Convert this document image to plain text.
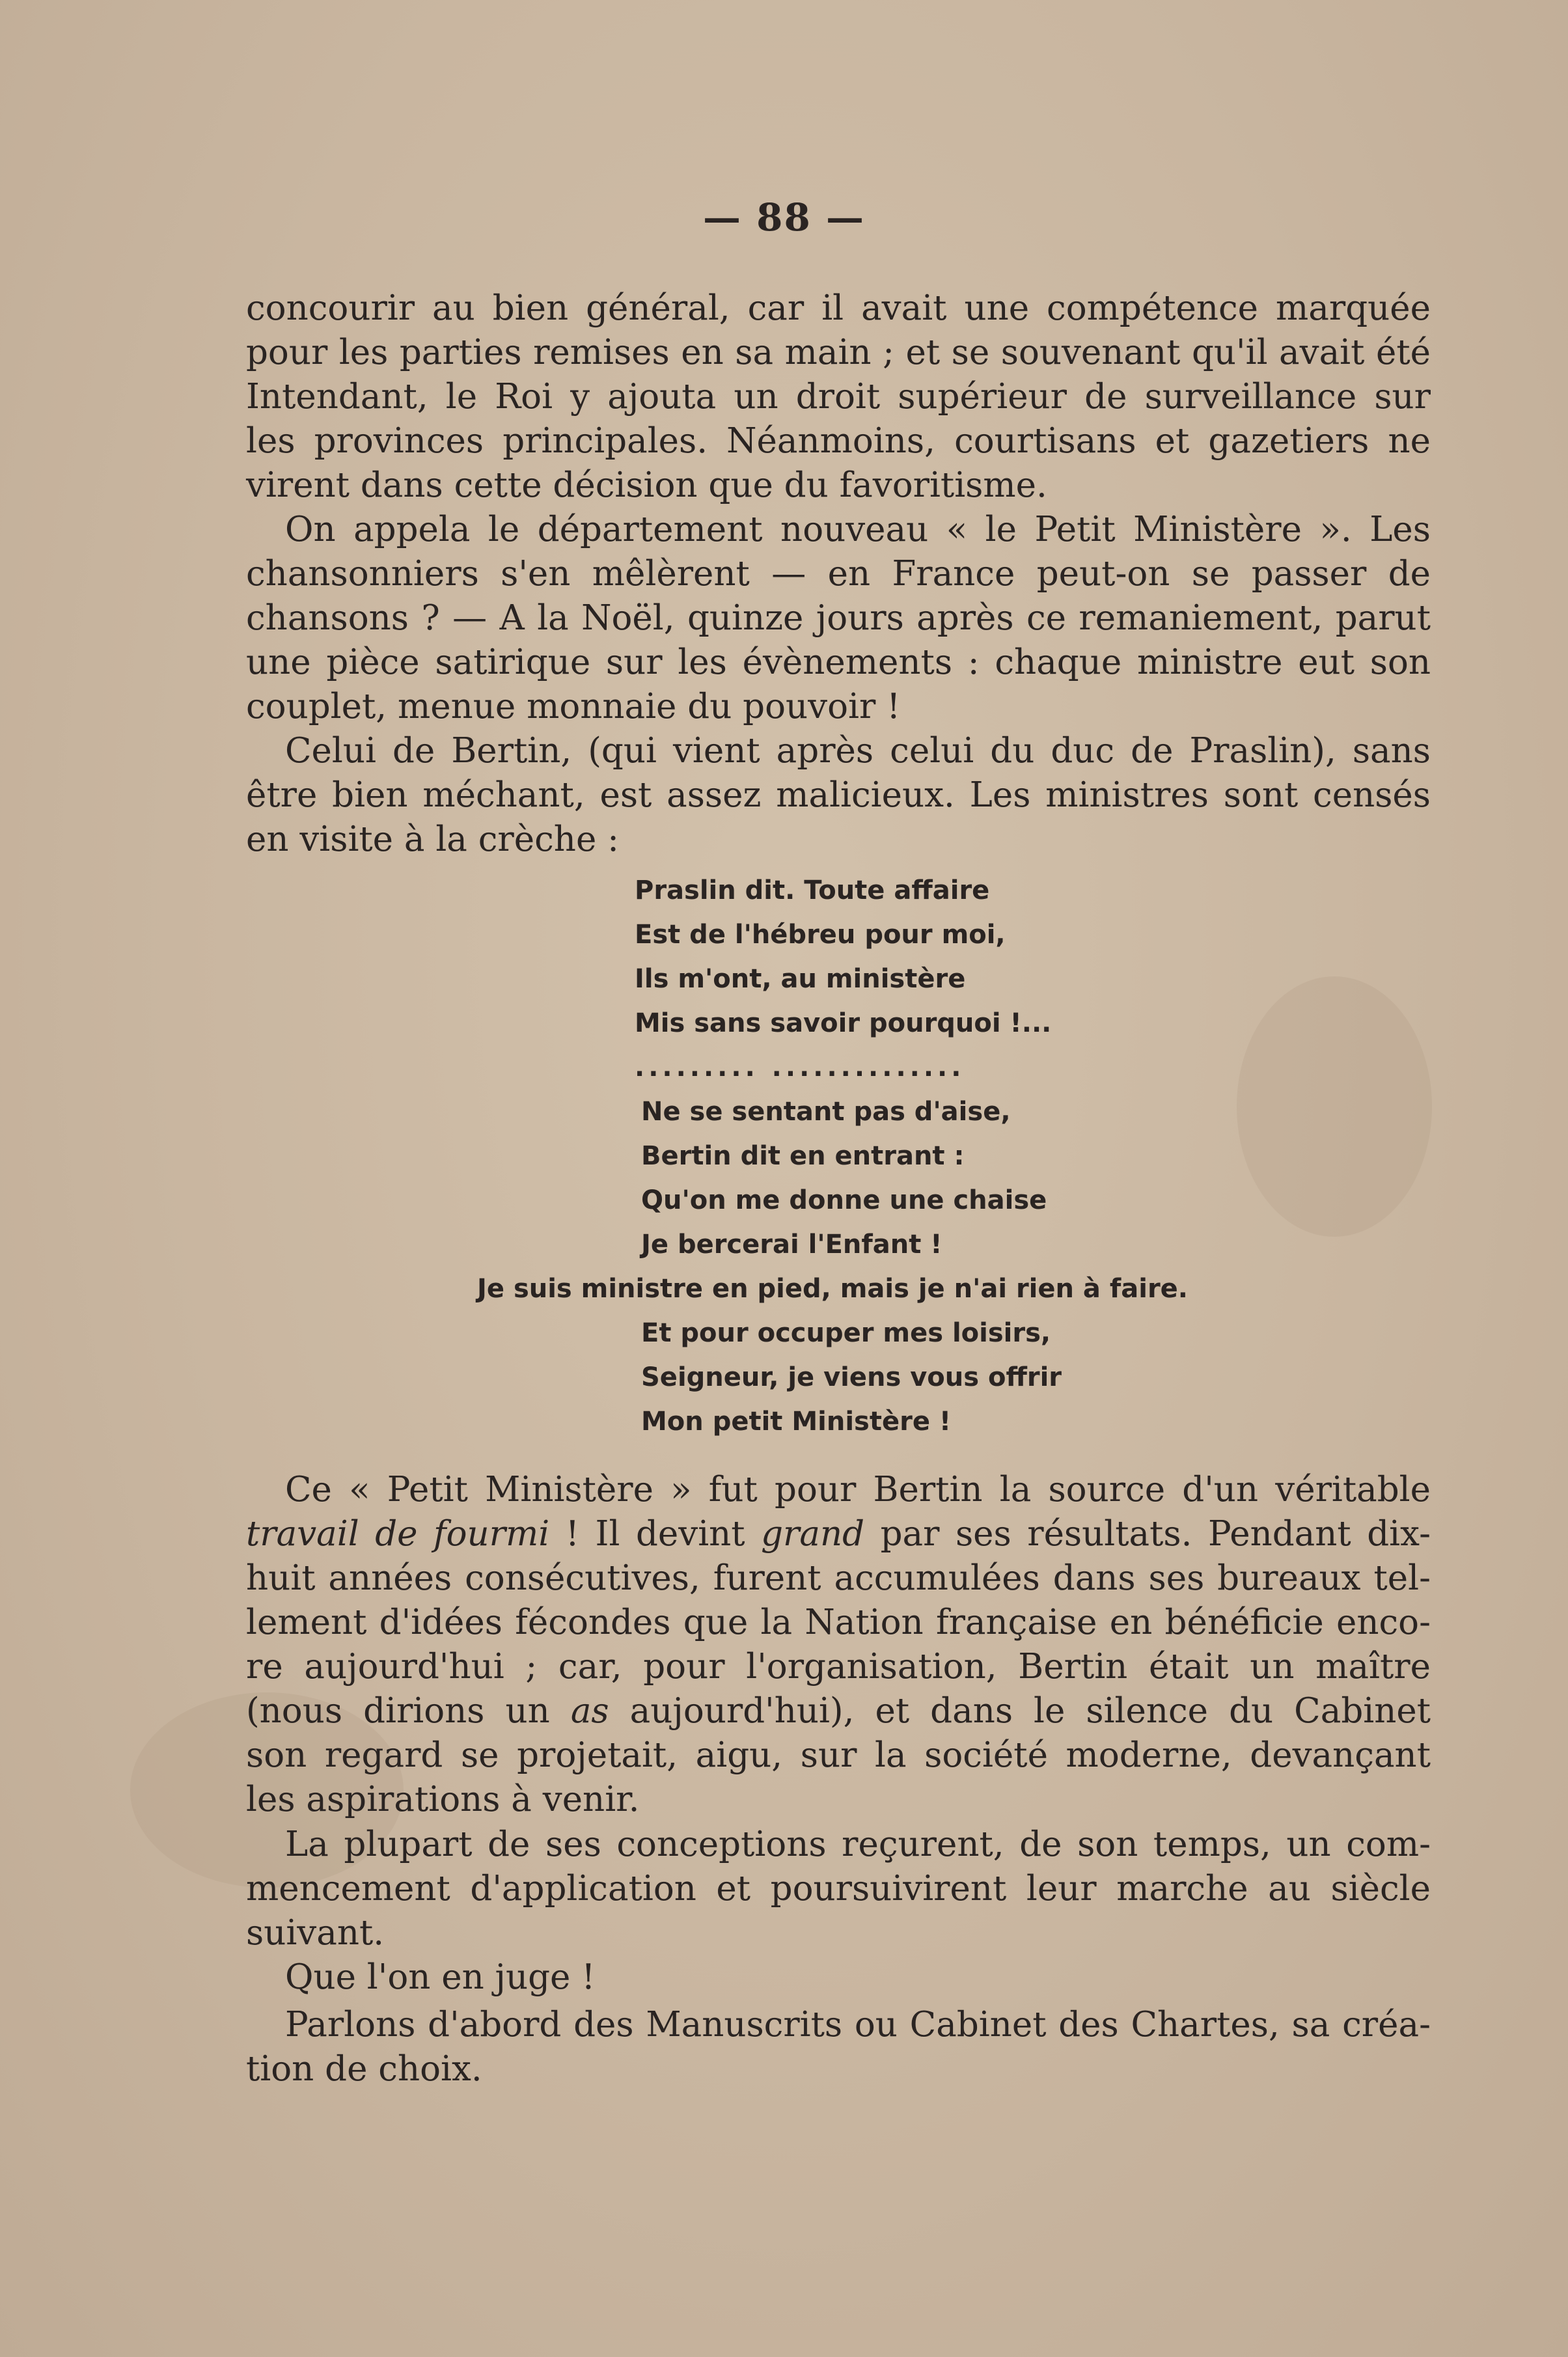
— 88 —

concourir au bien général, car il avait une compétence marquée
pour les parties remises en sa main ; et se souvenant qu'il avait été
Intendant, le Roi y ajouta un droit supérieur de surveillance sur
les provinces principales. Néanmoins, courtisans et gazetiers ne
virent dans cette décision que du favoritisme.

On appela le département nouveau « le Petit Ministère ». Les
chansonniers s'en mêlèrent — en France peut-on se passer de
chansons ? — A la Noël, quinze jours après ce remaniement, parut
une pièce satirique sur les évènements : chaque ministre eut son
couplet, menue monnaie du pouvoir !

Celui de Bertin, (qui vient après celui du duc de Praslin), sans
être bien méchant, est assez malicieux. Les ministres sont censés
en visite à la crèche :

Praslin dit. Toute affaire
Est de l'hébreu pour moi,
Ils m'ont, au ministère
Mis sans savoir pourquoi !...
......... ..............
Ne se sentant pas d'aise,
Bertin dit en entrant :
Qu'on me donne une chaise
Je bercerai l'Enfant !
Je suis ministre en pied, mais je n'ai rien à faire.
Et pour occuper mes loisirs,
Seigneur, je viens vous offrir
Mon petit Ministère !

Ce « Petit Ministère » fut pour Bertin la source d'un véritable
travail de fourmi ! Il devint grand par ses résultats. Pendant dix-
huit années consécutives, furent accumulées dans ses bureaux tel-
lement d'idées fécondes que la Nation française en bénéficie enco-
re aujourd'hui ; car, pour l'organisation, Bertin était un maître
(nous dirions un as aujourd'hui), et dans le silence du Cabinet
son regard se projetait, aigu, sur la société moderne, devançant
les aspirations à venir.

La plupart de ses conceptions reçurent, de son temps, un com-
mencement d'application et poursuivirent leur marche au siècle
suivant.

Que l'on en juge !

Parlons d'abord des Manuscrits ou Cabinet des Chartes, sa créa-
tion de choix.
